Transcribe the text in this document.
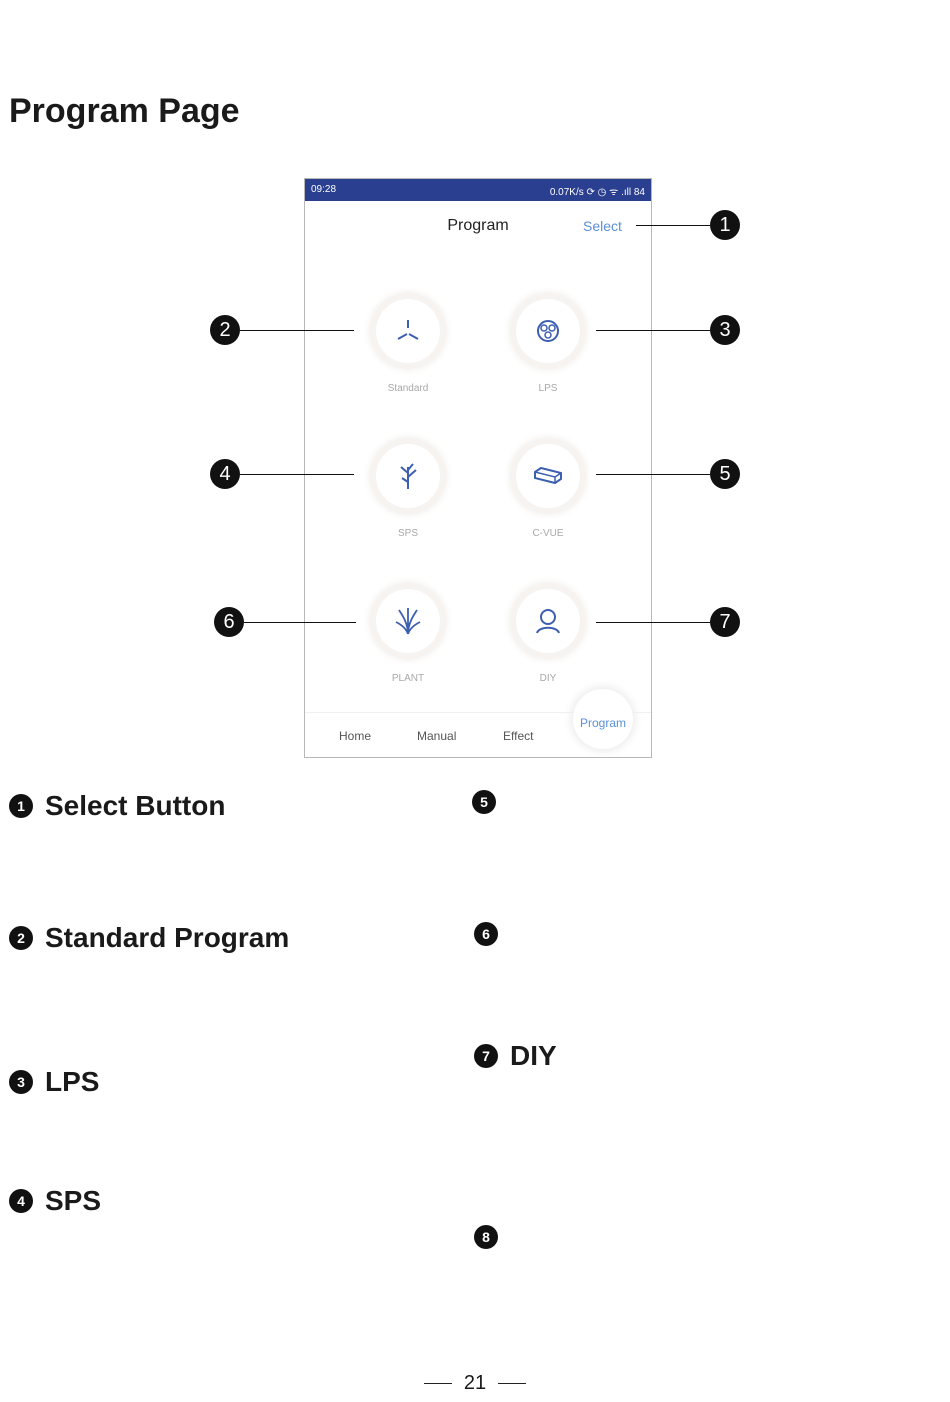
Program Page
09:28	0.07K/s ⟳ ◷ ᯤ .ıll 84
Program	Select
Standard	LPS
SPS	C-VUE
PLANT	DIY
Home	Manual	Effect
Program
1
2	3
4	5
6	7
1 Select Button
2 Standard Program
3 LPS
4 SPS
5
6
7 DIY
8
21
